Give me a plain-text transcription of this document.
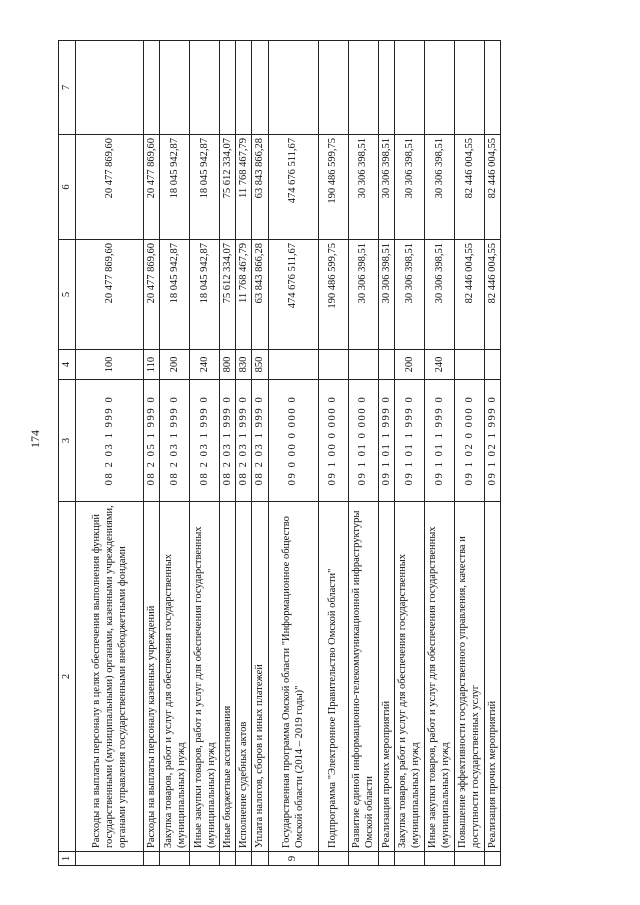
174
1	2	3	4	5	6	7
	Расходы на выплаты персоналу в целях обеспечения выполнения функций государственными (муниципальными) органами, казенными учреждениями, органами управления государственными внебюджетными фондами	08 2 03 1 999 0	100	20 477 869,60	20 477 869,60	
	Расходы на выплаты персоналу казенных учреждений	08 2 05 1 999 0	110	20 477 869,60	20 477 869,60	
	Закупка товаров, работ и услуг для обеспечения государственных (муниципальных) нужд	08 2 03 1 999 0	200	18 045 942,87	18 045 942,87	
	Иные закупки товаров, работ и услуг для обеспечения государственных (муниципальных) нужд	08 2 03 1 999 0	240	18 045 942,87	18 045 942,87	
	Иные бюджетные ассигнования	08 2 03 1 999 0	800	75 612 334,07	75 612 334,07	
	Исполнение судебных актов	08 2 03 1 999 0	830	11 768 467,79	11 768 467,79	
	Уплата налогов, сборов и иных платежей	08 2 03 1 999 0	850	63 843 866,28	63 843 866,28	
9	Государственная программа Омской области "Информационное общество Омской области (2014 – 2019 годы)"	09 0 00 0 000 0		474 676 511,67	474 676 511,67	
	Подпрограмма "Электронное Правительство Омской области"	09 1 00 0 000 0		190 486 599,75	190 486 599,75	
	Развитие единой информационно-телекоммуникационной инфраструктуры Омской области	09 1 01 0 000 0		30 306 398,51	30 306 398,51	
	Реализация прочих мероприятий	09 1 01 1 999 0		30 306 398,51	30 306 398,51	
	Закупка товаров, работ и услуг для обеспечения государственных (муниципальных) нужд	09 1 01 1 999 0	200	30 306 398,51	30 306 398,51	
	Иные закупки товаров, работ и услуг для обеспечения государственных (муниципальных) нужд	09 1 01 1 999 0	240	30 306 398,51	30 306 398,51	
	Повышение эффективности государственного управления, качества и доступности государственных услуг	09 1 02 0 000 0		82 446 004,55	82 446 004,55	
	Реализация прочих мероприятий	09 1 02 1 999 0		82 446 004,55	82 446 004,55	
